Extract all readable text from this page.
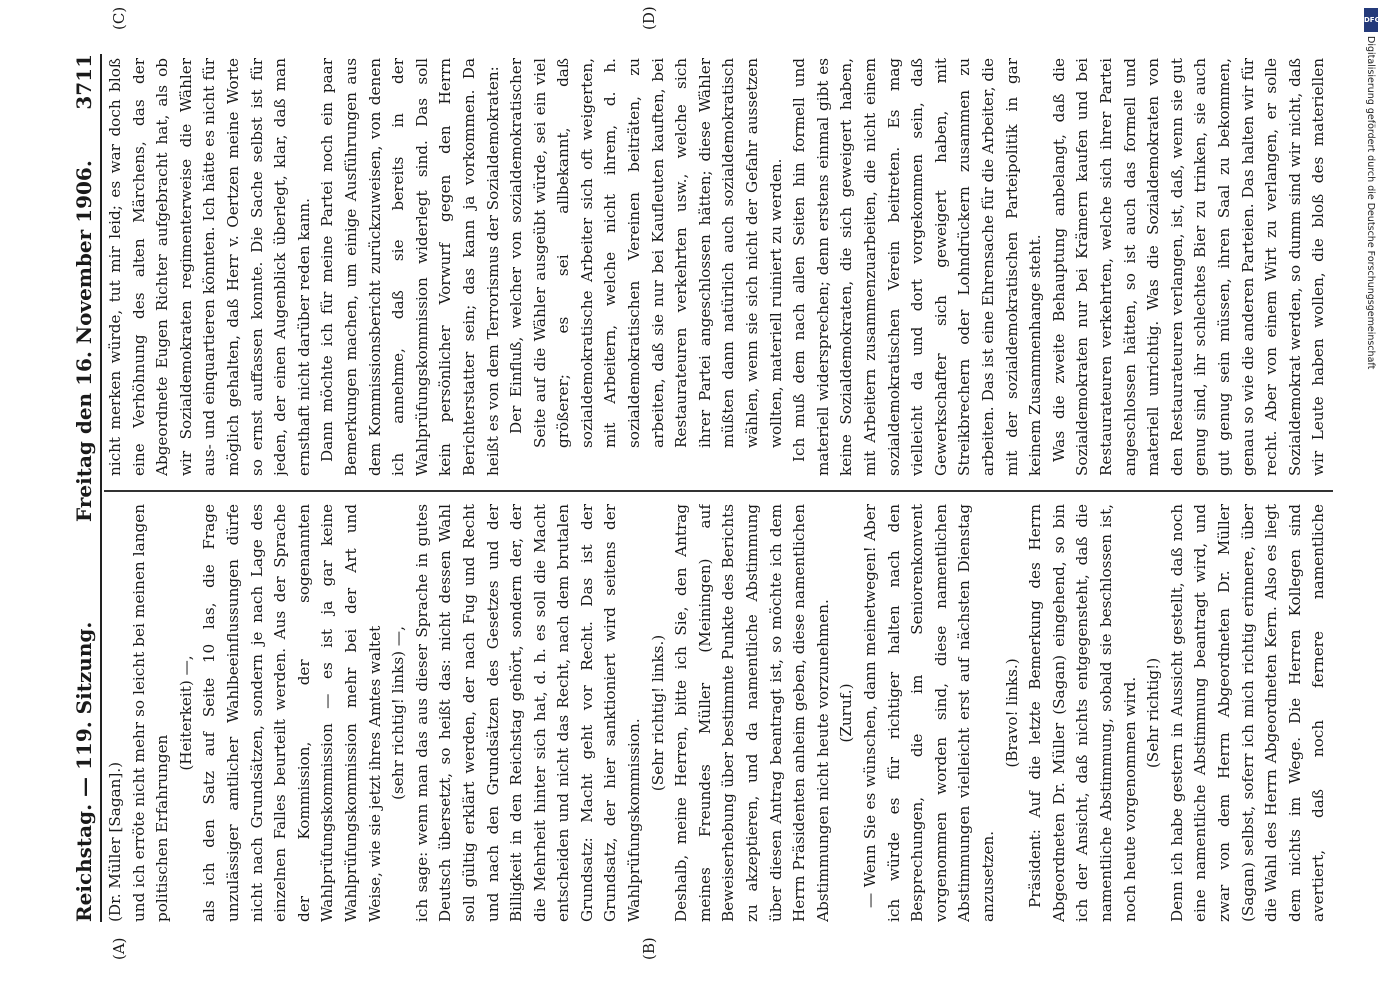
Reichstag. — 119. Sitzung.
Freitag den 16. November 1906.
3711
(A)	(B)
(C)	(D)

(Dr. Müller [Sagan].) und ich erröte nicht mehr so leicht bei meinen langen politischen Erfahrungen

(Heiterkeit) —, als ich den Satz auf Seite 10 las, die Frage unzulässiger amtlicher Wahlbeeinflussungen dürfe nicht nach Grundsätzen, sondern je nach Lage des einzelnen Falles beurteilt werden. Aus der Sprache der Kommission, der sogenannten Wahlprüfungskommission — es ist ja gar keine Wahlprüfungskommission mehr bei der Art und Weise, wie sie jetzt ihres Amtes waltet (sehr richtig! links) —, ich sage: wenn man das aus dieser Sprache in gutes Deutsch übersetzt, so heißt das: nicht dessen Wahl soll gültig erklärt werden, der nach Fug und Recht und nach den Grundsätzen des Gesetzes und der Billigkeit in den Reichstag gehört, sondern der, der die Mehrheit hinter sich hat, d. h. es soll die Macht entscheiden und nicht das Recht, nach dem brutalen Grundsatz: Macht geht vor Recht. Das ist der Grundsatz, der hier sanktioniert wird seitens der Wahlprüfungskommission.

(Sehr richtig! links.) Deshalb, meine Herren, bitte ich Sie, den Antrag meines Freundes Müller (Meiningen) auf Beweiserhebung über bestimmte Punkte des Berichts zu akzeptieren, und da namentliche Abstimmung über diesen Antrag beantragt ist, so möchte ich dem Herrn Präsidenten anheim geben, diese namentlichen Abstimmungen nicht heute vorzunehmen. (Zuruf.) — Wenn Sie es wünschen, dann meinetwegen! Aber ich würde es für richtiger halten nach den Besprechungen, die im Seniorenkonvent vorgenommen worden sind, diese namentlichen Abstimmungen vielleicht erst auf nächsten Dienstag anzusetzen.

(Bravo! links.) Präsident: Auf die letzte Bemerkung des Herrn Abgeordneten Dr. Müller (Sagan) eingehend, so bin ich der Ansicht, daß nichts entgegensteht, daß die namentliche Abstimmung, sobald sie beschlossen ist, noch heute vorgenommen wird. (Sehr richtig!)

Denn ich habe gestern in Aussicht gestellt, daß noch eine namentliche Abstimmung beantragt wird, und zwar von dem Herrn Abgeordneten Dr. Müller (Sagan) selbst, soferr ich mich richtig erinnere, über die Wahl des Herrn Abgeordneten Kern. Also es liegt dem nichts im Wege. Die Herren Kollegen sind avertiert, daß noch fernere namentliche

nicht merken würde, tut mir leid; es war doch bloß eine Verhöhnung des alten Märchens, das der Abgeordnete Eugen Richter aufgebracht hat, als ob wir Sozialdemokraten regimenterweise die Wähler aus- und einquartieren könnten. Ich hätte es nicht für möglich gehalten, daß Herr v. Oertzen meine Worte so ernst auffassen konnte. Die Sache selbst ist für jeden, der einen Augenblick überlegt, klar, daß man ernsthaft nicht darüber reden kann. Dann möchte ich für meine Partei noch ein paar Bemerkungen machen, um einige Ausführungen aus dem Kommissionsbericht zurückzuweisen, von denen ich annehme, daß sie bereits in der Wahlprüfungskommission widerlegt sind. Das soll kein persönlicher Vorwurf gegen den Herrn Berichterstatter sein; das kann ja vorkommen. Da heißt es von dem Terrorismus der Sozialdemokraten: Der Einfluß, welcher von sozialdemokratischer Seite auf die Wähler ausgeübt würde, sei ein viel größerer; es sei allbekannt, daß sozialdemokratische Arbeiter sich oft weigerten, mit Arbeitern, welche nicht ihrem, d. h. sozialdemokratischen Vereinen beiträten, zu arbeiten, daß sie nur bei Kaufleuten kauften, bei Restaurateuren verkehrten usw., welche sich ihrer Partei angeschlossen hätten; diese Wähler müßten dann natürlich auch sozialdemokratisch wählen, wenn sie sich nicht der Gefahr aussetzen wollten, materiell ruiniert zu werden. Ich muß dem nach allen Seiten hin formell und materiell widersprechen; denn erstens einmal gibt es keine Sozialdemokraten, die sich geweigert haben, mit Arbeitern zusammenzuarbeiten, die nicht einem sozialdemokratischen Verein beitreten. Es mag vielleicht da und dort vorgekommen sein, daß Gewerkschafter sich geweigert haben, mit Streikbrechern oder Lohndrückern zusammen zu arbeiten. Das ist eine Ehrensache für die Arbeiter, die mit der sozialdemokratischen Parteipolitik in gar keinem Zusammenhange steht. Was die zweite Behauptung anbelangt, daß die Sozialdemokraten nur bei Krämern kaufen und bei Restaurateuren verkehrten, welche sich ihrer Partei angeschlossen hätten, so ist auch das formell und materiell unrichtig. Was die Sozialdemokraten von den Restaurateuren verlangen, ist, daß, wenn sie gut genug sind, ihr schlechtes Bier zu trinken, sie auch gut genug sein müssen, ihren Saal zu bekommen, genau so wie die anderen Parteien. Das halten wir für recht. Aber von einem Wirt zu verlangen, er solle Sozialdemokrat werden, so dumm sind wir nicht, daß wir Leute haben wollen, die bloß des materiellen

DFG
Digitalisierung gefördert durch die Deutsche Forschungsgemeinschaft
